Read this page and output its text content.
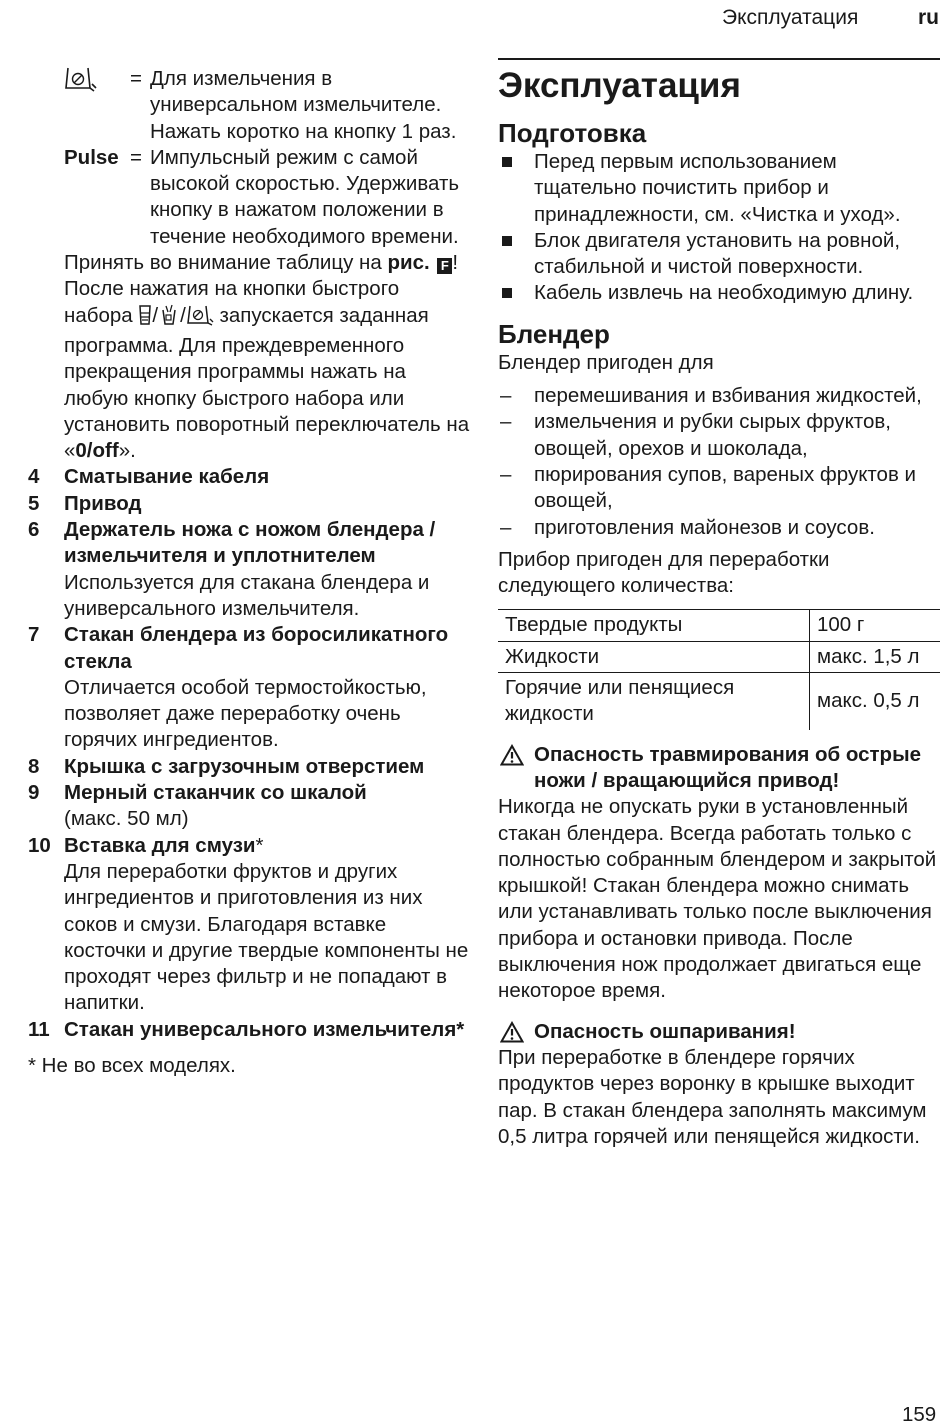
Эксплуатация	ru
= Для измельчения в универсальном измельчителе. Нажать коротко на кнопку 1 раз.
Pulse = Импульсный режим с самой высокой скоростью. Удерживать кнопку в нажатом положении в течение необходимого времени.
Принять во внимание таблицу на рис. F !
После нажатия на кнопки быстрого набора / / запускается заданная программа. Для преждевременного прекращения программы нажать на любую кнопку быстрого набора или установить поворотный переключатель на «0/off».
4 Сматывание кабеля
5 Привод
6 Держатель ножа с ножом блендера / измельчителя и уплотнителем
Используется для стакана блендера и универсального измельчителя.
7 Стакан блендера из боросиликатного стекла
Отличается особой термостойкостью, позволяет даже переработку очень горячих ингредиентов.
8 Крышка с загрузочным отверстием
9 Мерный стаканчик со шкалой
(макс. 50 мл)
10 Вставка для смузи*
Для переработки фруктов и других ингредиентов и приготовления из них соков и смузи. Благодаря вставке косточки и другие твердые компоненты не проходят через фильтр и не попадают в напитки.
11 Стакан универсального измельчителя*
* Не во всех моделях.
Эксплуатация
Подготовка
Перед первым использованием тщательно почистить прибор и принадлежности, см. «Чистка и уход».
Блок двигателя установить на ровной, стабильной и чистой поверхности.
Кабель извлечь на необходимую длину.
Блендер
Блендер пригоден для
– перемешивания и взбивания жидкостей,
– измельчения и рубки сырых фруктов, овощей, орехов и шоколада,
– пюрирования супов, вареных фруктов и овощей,
– приготовления майонезов и соусов.
Прибор пригоден для переработки следующего количества:
Твердые продукты	100 г
Жидкости	макс. 1,5 л
Горячие или пенящиеся жидкости	макс. 0,5 л
Опасность травмирования об острые ножи / вращающийся привод!
Никогда не опускать руки в установленный стакан блендера. Всегда работать только с полностью собранным блендером и закрытой крышкой! Стакан блендера можно снимать или устанавливать только после выключения прибора и остановки привода. После выключения нож продолжает двигаться еще некоторое время.
Опасность ошпаривания!
При переработке в блендере горячих продуктов через воронку в крышке выходит пар. В стакан блендера заполнять максимум 0,5 литра горячей или пенящейся жидкости.
159
